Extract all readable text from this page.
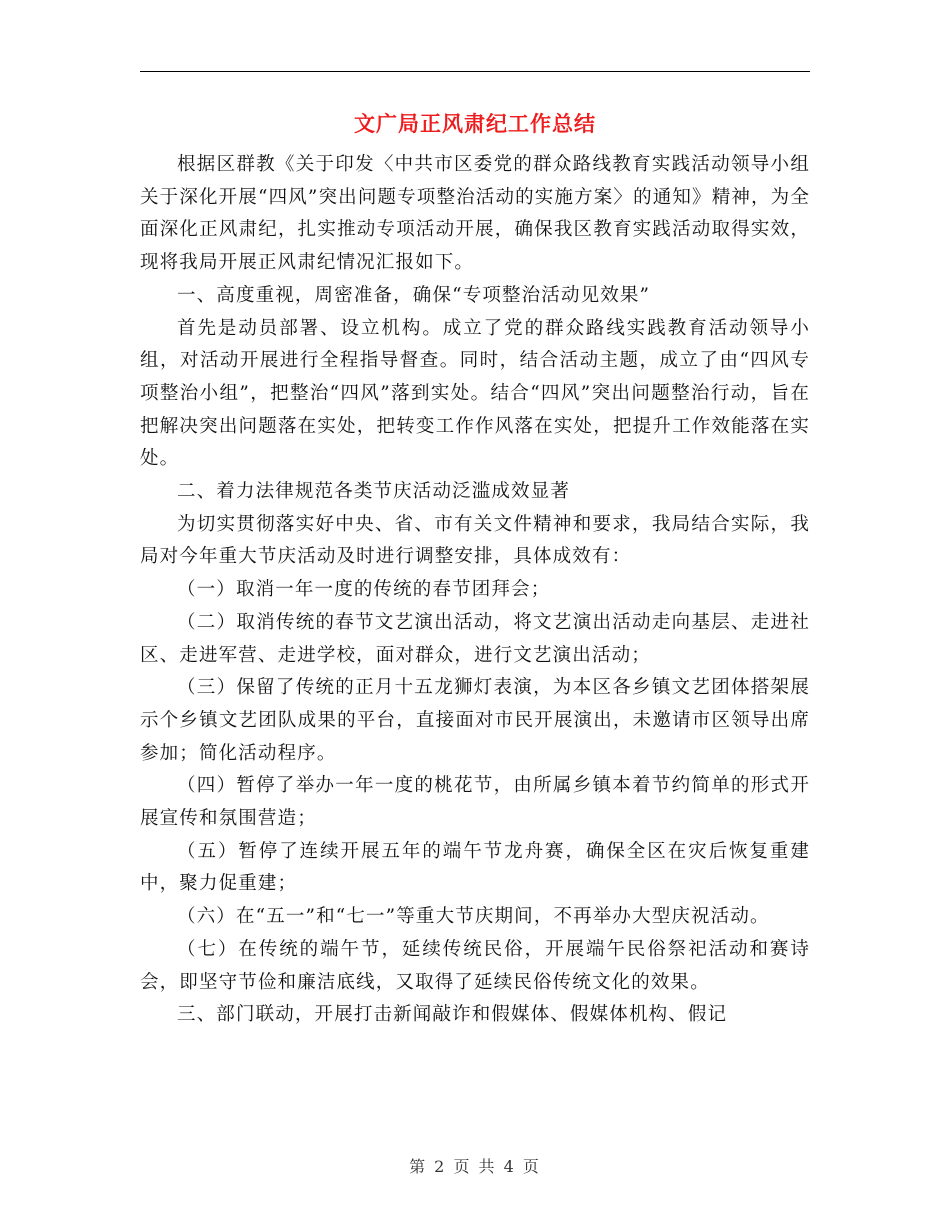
文广局正风肃纪工作总结

根据区群教《关于印发〈中共市区委党的群众路线教育实践活动领导小组关于深化开展“四风”突出问题专项整治活动的实施方案〉的通知》精神，为全面深化正风肃纪，扎实推动专项活动开展，确保我区教育实践活动取得实效，现将我局开展正风肃纪情况汇报如下。

一、高度重视，周密准备，确保“专项整治活动见效果”

首先是动员部署、设立机构。成立了党的群众路线实践教育活动领导小组，对活动开展进行全程指导督查。同时，结合活动主题，成立了由“四风专项整治小组”，把整治“四风”落到实处。结合“四风”突出问题整治行动，旨在把解决突出问题落在实处，把转变工作作风落在实处，把提升工作效能落在实处。

二、着力法律规范各类节庆活动泛滥成效显著

为切实贯彻落实好中央、省、市有关文件精神和要求，我局结合实际，我局对今年重大节庆活动及时进行调整安排，具体成效有：

（一）取消一年一度的传统的春节团拜会；

（二）取消传统的春节文艺演出活动，将文艺演出活动走向基层、走进社区、走进军营、走进学校，面对群众，进行文艺演出活动；

（三）保留了传统的正月十五龙狮灯表演，为本区各乡镇文艺团体搭架展示个乡镇文艺团队成果的平台，直接面对市民开展演出，未邀请市区领导出席参加；简化活动程序。

（四）暂停了举办一年一度的桃花节，由所属乡镇本着节约简单的形式开展宣传和氛围营造；

（五）暂停了连续开展五年的端午节龙舟赛，确保全区在灾后恢复重建中，聚力促重建；

（六）在“五一”和“七一”等重大节庆期间，不再举办大型庆祝活动。

（七）在传统的端午节，延续传统民俗，开展端午民俗祭祀活动和赛诗会，即坚守节俭和廉洁底线，又取得了延续民俗传统文化的效果。

三、部门联动，开展打击新闻敲诈和假媒体、假媒体机构、假记

第 2 页 共 4 页
